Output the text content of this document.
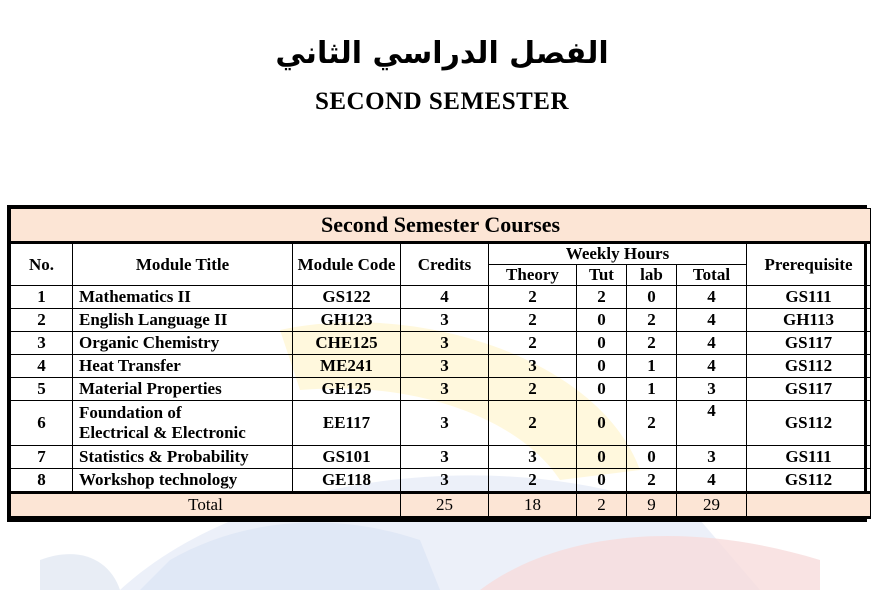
الفصل الدراسي الثاني
SECOND SEMESTER
Second Semester Courses								
No.	Module Title	Module Code	Credits	Weekly Hours				Prerequisite
				Theory	Tut	lab	Total	
1	Mathematics II	GS122	4	2	2	0	4	GS111
2	English Language II	GH123	3	2	0	2	4	GH113
3	Organic Chemistry	CHE125	3	2	0	2	4	GS117
4	Heat Transfer	ME241	3	3	0	1	4	GS112
5	Material Properties	GE125	3	2	0	1	3	GS117
6	Foundation of
Electrical & Electronic	EE117	3	2	0	2	4	GS112
7	Statistics & Probability	GS101	3	3	0	0	3	GS111
8	Workshop technology	GE118	3	2	0	2	4	GS112
Total			25	18	2	9	29	
